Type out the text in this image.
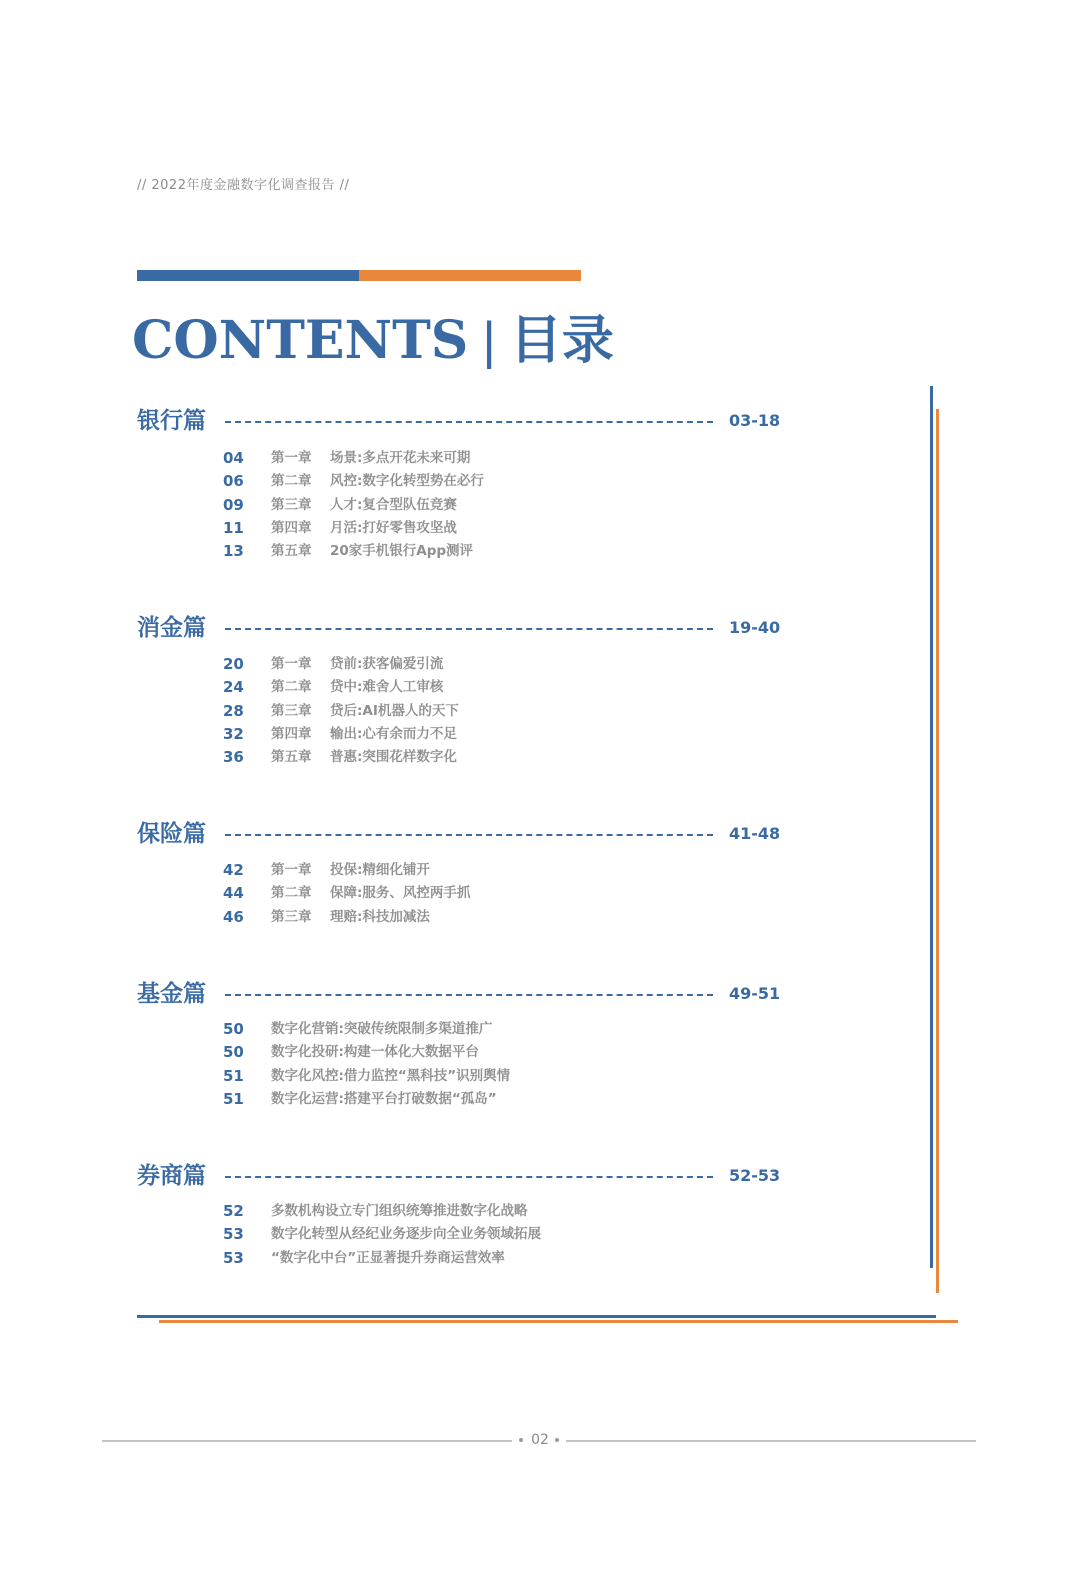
// 2022年度金融数字化调查报告 //
CONTENTS | 目录
银行篇	03-18
04	第一章 场景:多点开花未来可期
06	第二章 风控:数字化转型势在必行
09	第三章 人才:复合型队伍竞赛
11	第四章 月活:打好零售攻坚战
13	第五章 20家手机银行App测评
消金篇	19-40
20	第一章 贷前:获客偏爱引流
24	第二章 贷中:难舍人工审核
28	第三章 贷后:AI机器人的天下
32	第四章 输出:心有余而力不足
36	第五章 普惠:突围花样数字化
保险篇	41-48
42	第一章 投保:精细化铺开
44	第二章 保障:服务、风控两手抓
46	第三章 理赔:科技加减法
基金篇	49-51
50	数字化营销:突破传统限制多渠道推广
50	数字化投研:构建一体化大数据平台
51	数字化风控:借力监控“黑科技”识别舆情
51	数字化运营:搭建平台打破数据“孤岛”
券商篇	52-53
52	多数机构设立专门组织统筹推进数字化战略
53	数字化转型从经纪业务逐步向全业务领域拓展
53	“数字化中台”正显著提升券商运营效率
02
